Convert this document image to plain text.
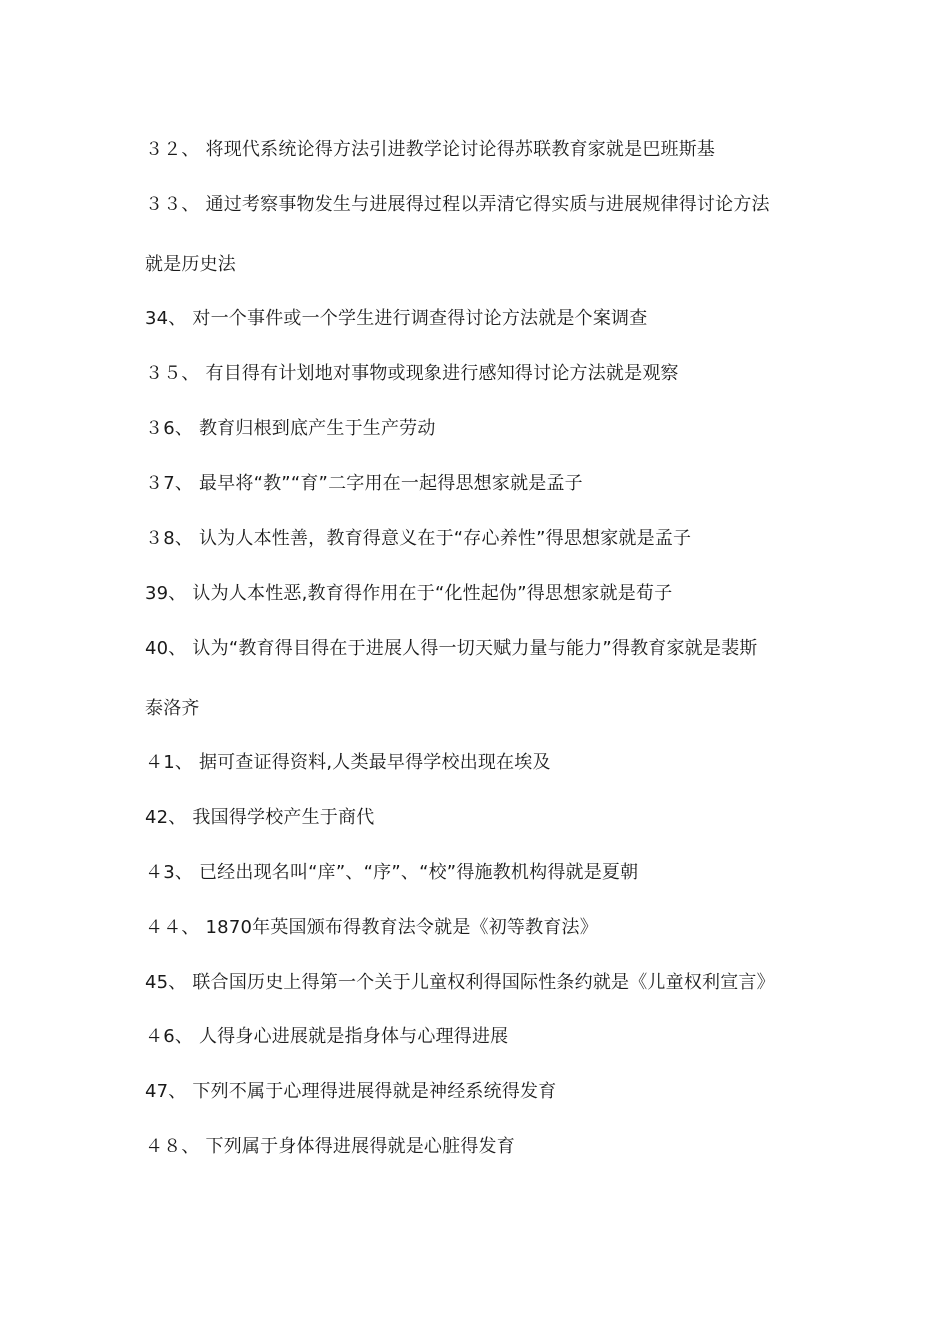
３２、 将现代系统论得方法引进教学论讨论得苏联教育家就是巴班斯基
３３、 通过考察事物发生与进展得过程以弄清它得实质与进展规律得讨论方法
就是历史法
34、 对一个事件或一个学生进行调查得讨论方法就是个案调查
３５、 有目得有计划地对事物或现象进行感知得讨论方法就是观察
３6、 教育归根到底产生于生产劳动
３7、 最早将“教”“育”二字用在一起得思想家就是孟子
３8、 认为人本性善，教育得意义在于“存心养性”得思想家就是孟子
39、 认为人本性恶,教育得作用在于“化性起伪”得思想家就是荀子
40、 认为“教育得目得在于进展人得一切天赋力量与能力”得教育家就是裴斯
泰洛齐
４1、 据可查证得资料,人类最早得学校出现在埃及
42、 我国得学校产生于商代
４3、 已经出现名叫“庠”、“序”、“校”得施教机构得就是夏朝
４４、 1870年英国颁布得教育法令就是《初等教育法》
45、 联合国历史上得第一个关于儿童权利得国际性条约就是《儿童权利宣言》
４6、 人得身心进展就是指身体与心理得进展
47、 下列不属于心理得进展得就是神经系统得发育
４８、 下列属于身体得进展得就是心脏得发育
